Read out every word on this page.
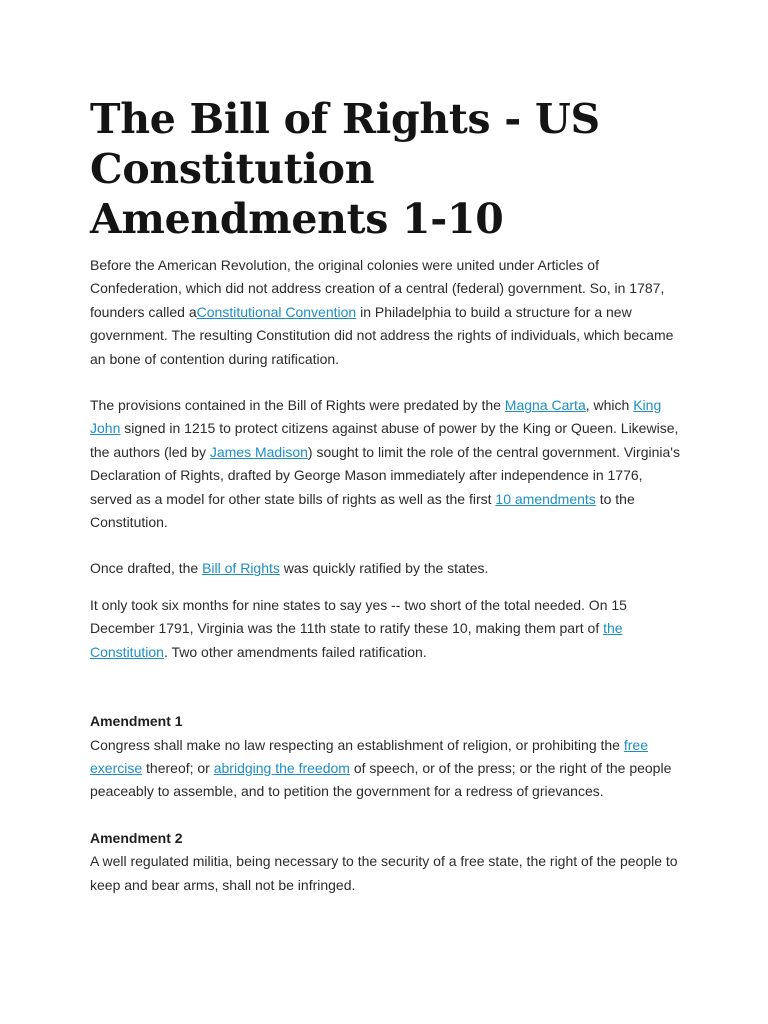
The Bill of Rights - US Constitution Amendments 1-10

Before the American Revolution, the original colonies were united under Articles of Confederation, which did not address creation of a central (federal) government. So, in 1787, founders called aConstitutional Convention in Philadelphia to build a structure for a new government. The resulting Constitution did not address the rights of individuals, which became an bone of contention during ratification.

The provisions contained in the Bill of Rights were predated by the Magna Carta, which King John signed in 1215 to protect citizens against abuse of power by the King or Queen. Likewise, the authors (led by James Madison) sought to limit the role of the central government. Virginia's Declaration of Rights, drafted by George Mason immediately after independence in 1776, served as a model for other state bills of rights as well as the first 10 amendments to the Constitution.

Once drafted, the Bill of Rights was quickly ratified by the states.

It only took six months for nine states to say yes -- two short of the total needed. On 15 December 1791, Virginia was the 11th state to ratify these 10, making them part of the Constitution. Two other amendments failed ratification.

Amendment 1
Congress shall make no law respecting an establishment of religion, or prohibiting the free exercise thereof; or abridging the freedom of speech, or of the press; or the right of the people peaceably to assemble, and to petition the government for a redress of grievances.

Amendment 2
A well regulated militia, being necessary to the security of a free state, the right of the people to keep and bear arms, shall not be infringed.
